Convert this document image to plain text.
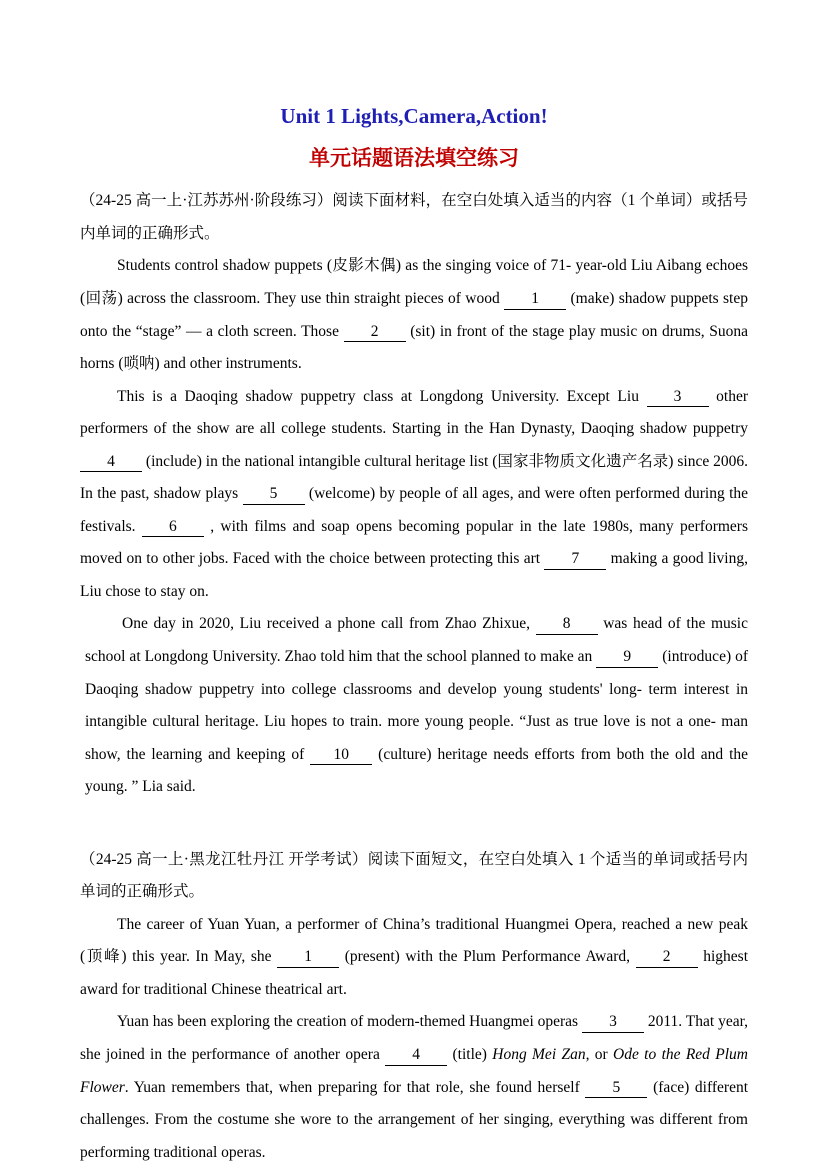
Unit 1 Lights,Camera,Action!
单元话题语法填空练习

（24-25 高一上·江苏苏州·阶段练习）阅读下面材料，在空白处填入适当的内容（1 个单词）或括号内单词的正确形式。

Students control shadow puppets (皮影木偶) as the singing voice of 71- year-old Liu Aibang echoes (回荡) across the classroom. They use thin straight pieces of wood 1 (make) shadow puppets step onto the “stage” — a cloth screen. Those 2 (sit) in front of the stage play music on drums, Suona horns (唢呐) and other instruments.

This is a Daoqing shadow puppetry class at Longdong University. Except Liu 3 other performers of the show are all college students. Starting in the Han Dynasty, Daoqing shadow puppetry 4 (include) in the national intangible cultural heritage list (国家非物质文化遗产名录) since 2006. In the past, shadow plays 5 (welcome) by people of all ages, and were often performed during the festivals. 6 , with films and soap opens becoming popular in the late 1980s, many performers moved on to other jobs. Faced with the choice between protecting this art 7 making a good living, Liu chose to stay on.

One day in 2020, Liu received a phone call from Zhao Zhixue, 8 was head of the music school at Longdong University. Zhao told him that the school planned to make an 9 (introduce) of Daoqing shadow puppetry into college classrooms and develop young students' long- term interest in intangible cultural heritage. Liu hopes to train. more young people. “Just as true love is not a one- man show, the learning and keeping of 10 (culture) heritage needs efforts from both the old and the young. ” Lia said.

（24-25 高一上·黑龙江牡丹江 开学考试）阅读下面短文，在空白处填入 1 个适当的单词或括号内单词的正确形式。

The career of Yuan Yuan, a performer of China’s traditional Huangmei Opera, reached a new peak (顶峰) this year. In May, she 1 (present) with the Plum Performance Award, 2 highest award for traditional Chinese theatrical art.

Yuan has been exploring the creation of modern-themed Huangmei operas 3 2011. That year, she joined in the performance of another opera 4 (title) Hong Mei Zan, or Ode to the Red Plum Flower. Yuan remembers that, when preparing for that role, she found herself 5 (face) different challenges. From the costume she wore to the arrangement of her singing, everything was different from performing traditional operas.
